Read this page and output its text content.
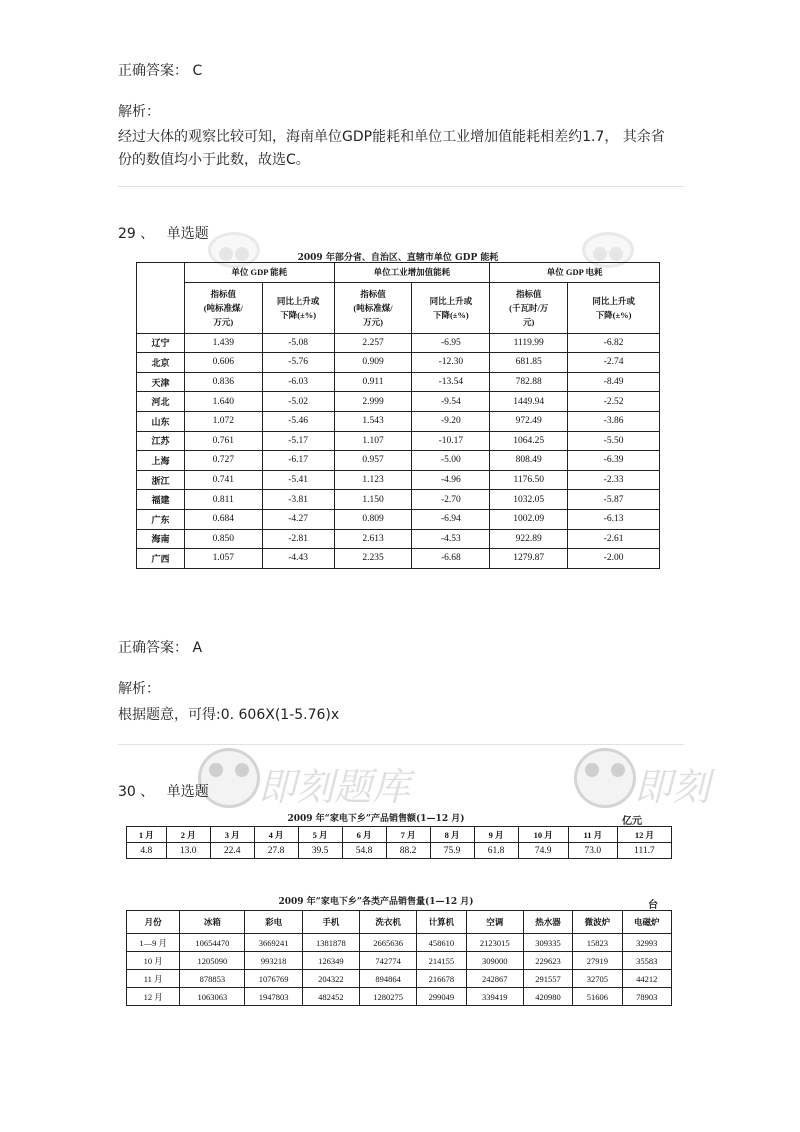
正确答案： C
解析：
经过大体的观察比较可知，海南单位GDP能耗和单位工业增加值能耗相差约1.7， 其余省份的数值均小于此数，故选C。
29 、 单选题
2009 年部分省、自治区、直辖市单位 GDP 能耗
	单位 GDP 能耗		单位工业增加值能耗		单位 GDP 电耗	
	指标值
(吨标准煤/
万元)	同比上升或
下降(±%)	指标值
(吨标准煤/
万元)	同比上升或
下降(±%)	指标值
(千瓦时/万
元)	同比上升或
下降(±%)
辽宁	1.439	-5.08	2.257	-6.95	1119.99	-6.82
北京	0.606	-5.76	0.909	-12.30	681.85	-2.74
天津	0.836	-6.03	0.911	-13.54	782.88	-8.49
河北	1.640	-5.02	2.999	-9.54	1449.94	-2.52
山东	1.072	-5.46	1.543	-9.20	972.49	-3.86
江苏	0.761	-5.17	1.107	-10.17	1064.25	-5.50
上海	0.727	-6.17	0.957	-5.00	808.49	-6.39
浙江	0.741	-5.41	1.123	-4.96	1176.50	-2.33
福建	0.811	-3.81	1.150	-2.70	1032.05	-5.87
广东	0.684	-4.27	0.809	-6.94	1002.09	-6.13
海南	0.850	-2.81	2.613	-4.53	922.89	-2.61
广西	1.057	-4.43	2.235	-6.68	1279.87	-2.00
正确答案： A
解析：
根据题意，可得:0. 606X(1-5.76)x
即刻题库	即刻
30 、 单选题
2009 年“家电下乡”产品销售额(1—12 月)	亿元
1 月	2 月	3 月	4 月	5 月	6 月	7 月	8 月	9 月	10 月	11 月	12 月
4.8	13.0	22.4	27.8	39.5	54.8	88.2	75.9	61.8	74.9	73.0	111.7
2009 年“家电下乡”各类产品销售量(1—12 月)	台
月份	冰箱	彩电	手机	洗衣机	计算机	空调	热水器	微波炉	电磁炉
1—9 月	10654470	3669241	1381878	2665636	458610	2123015	309335	15823	32993
10 月	1205090	993218	126349	742774	214155	309000	229623	27919	35583
11 月	878853	1076769	204322	894864	216678	242867	291557	32705	44212
12 月	1063063	1947803	482452	1280275	299049	339419	420980	51606	78903
